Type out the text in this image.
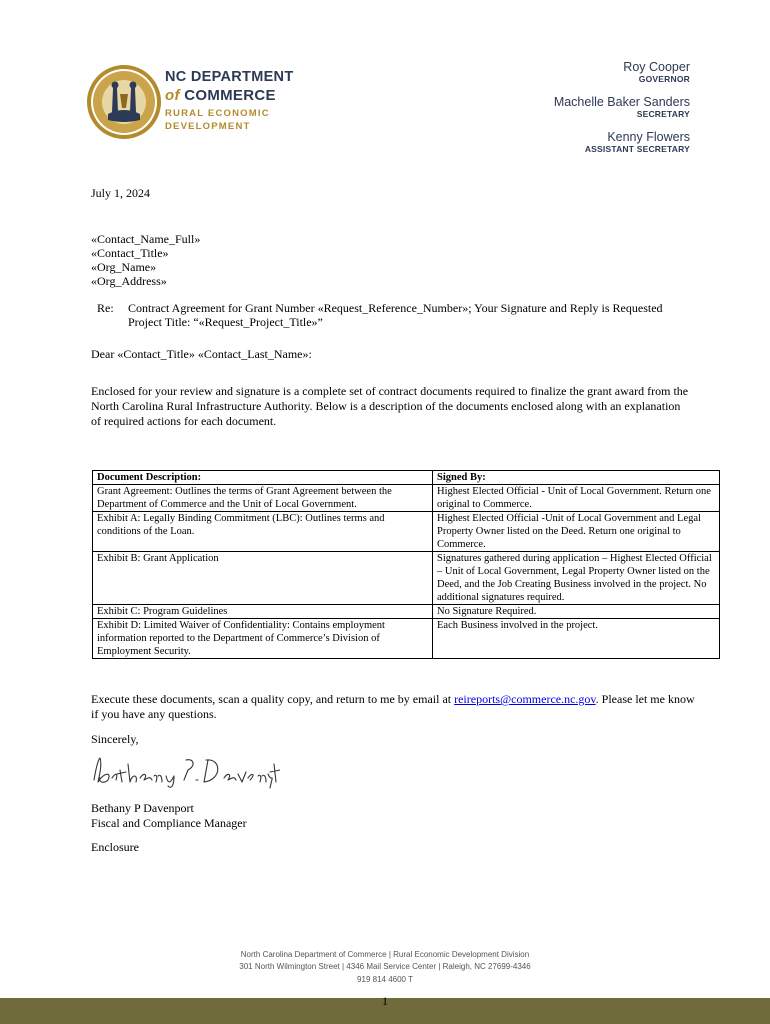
NC DEPARTMENT
of COMMERCE
RURAL ECONOMIC
DEVELOPMENT
Roy Cooper
GOVERNOR
Machelle Baker Sanders
SECRETARY
Kenny Flowers
ASSISTANT SECRETARY
July 1, 2024
«Contact_Name_Full»
«Contact_Title»
«Org_Name»
«Org_Address»
Re: Contract Agreement for Grant Number «Request_Reference_Number»; Your Signature and Reply is Requested
Project Title: “«Request_Project_Title»”
Dear «Contact_Title» «Contact_Last_Name»:
Enclosed for your review and signature is a complete set of contract documents required to finalize the grant award from the North Carolina Rural Infrastructure Authority. Below is a description of the documents enclosed along with an explanation of required actions for each document.
Document Description:	Signed By:
Grant Agreement: Outlines the terms of Grant Agreement between the Department of Commerce and the Unit of Local Government.	Highest Elected Official - Unit of Local Government. Return one original to Commerce.
Exhibit A: Legally Binding Commitment (LBC): Outlines terms and conditions of the Loan.	Highest Elected Official -Unit of Local Government and Legal Property Owner listed on the Deed. Return one original to Commerce.
Exhibit B: Grant Application	Signatures gathered during application – Highest Elected Official – Unit of Local Government, Legal Property Owner listed on the Deed, and the Job Creating Business involved in the project. No additional signatures required.
Exhibit C: Program Guidelines	No Signature Required.
Exhibit D: Limited Waiver of Confidentiality: Contains employment information reported to the Department of Commerce’s Division of Employment Security.	Each Business involved in the project.
Execute these documents, scan a quality copy, and return to me by email at reireports@commerce.nc.gov. Please let me know if you have any questions.
Sincerely,
Bethany P Davenport
Fiscal and Compliance Manager
Enclosure
North Carolina Department of Commerce | Rural Economic Development Division
301 North Wilmington Street | 4346 Mail Service Center | Raleigh, NC 27699-4346
919 814 4600 T
1
